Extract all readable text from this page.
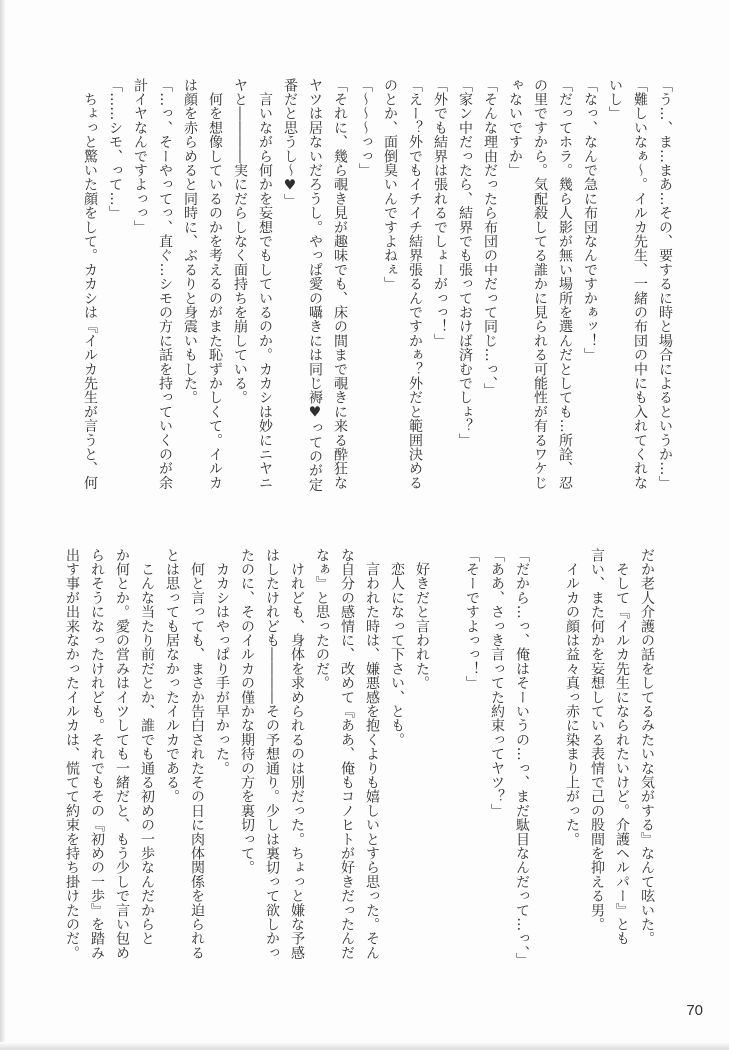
「う…、ま…まあ…その、要するに時と場合によるというか…」
「難しいなぁ～。イルカ先生、一緒の布団の中にも入れてくれな
いし」
「なっ、なんで急に布団なんですかぁッ！」
「だってホラ。幾ら人影が無い場所を選んだとしても…所詮、忍
の里ですから。気配殺してる誰かに見られる可能性が有るワケじ
ゃないですか」
「そんな理由だったら布団の中だって同じ…っ、」
「家ン中だったら、結界でも張っておけば済むでしょ？」
「外でも結界は張れるでしょーがっっ！」
「えー？外でもイチイチ結界張るんですかぁ？外だと範囲決める
のとか、面倒臭いんですよねぇ」
「～～～っっ」
「それに、幾ら覗き見が趣味でも、床の間まで覗きに来る酔狂な
ヤツは居ないだろうし。やっぱ愛の囁きには同じ褥♥ってのが定
番だと思うし～♥」
　言いながら何かを妄想でもしているのか。カカシは妙にニヤニ
ヤと――――実にだらしなく面持ちを崩している。
　何を想像しているのかを考えるのがまた恥ずかしくて。イルカ
は顔を赤らめると同時に、ぶるりと身震いもした。
「…っ、そーやってっ、直ぐ…シモの方に話を持っていくのが余
計イヤなんですよっっ」
「……シモ、って…」
　ちょっと驚いた顔をして。カカシは『イルカ先生が言うと、何
だか老人介護の話をしてるみたいな気がする』なんて呟いた。
　そして『イルカ先生になられたいけど。介護ヘルパー』とも
言い、また何かを妄想している表情で己の股間を抑える男。
　イルカの顔は益々真っ赤に染まり上がった。
「だから…っ、俺はそーいうの…っ、まだ駄目なんだって…っ、」
「ああ、さっき言ってた約束ってヤツ？」
「そーですよっっ！」
　好きだと言われた。
　恋人になって下さい、とも。
　言われた時は、嫌悪感を抱くよりも嬉しいとすら思った。そん
な自分の感情に、改めて『ああ、俺もコノヒトが好きだったんだ
なぁ』と思ったのだ。
　けれども、身体を求められるのは別だった。ちょっと嫌な予感
はしたけれども――――その予想通り。少しは裏切って欲しかっ
たのに、そのイルカの僅かな期待の方を裏切って。
　カカシはやっぱり手が早かった。
　何と言っても、まさか告白されたその日に肉体関係を迫られる
とは思っても居なかったイルカである。
　こんな当たり前だとか、誰でも通る初めの一歩なんだからと
か何とか。愛の営みはイツしても一緒だと、もう少しで言い包め
られそうになったけれども。それでもその『初めの一歩』を踏み
出す事が出来なかったイルカは、慌てて約束を持ち掛けたのだ。
70
